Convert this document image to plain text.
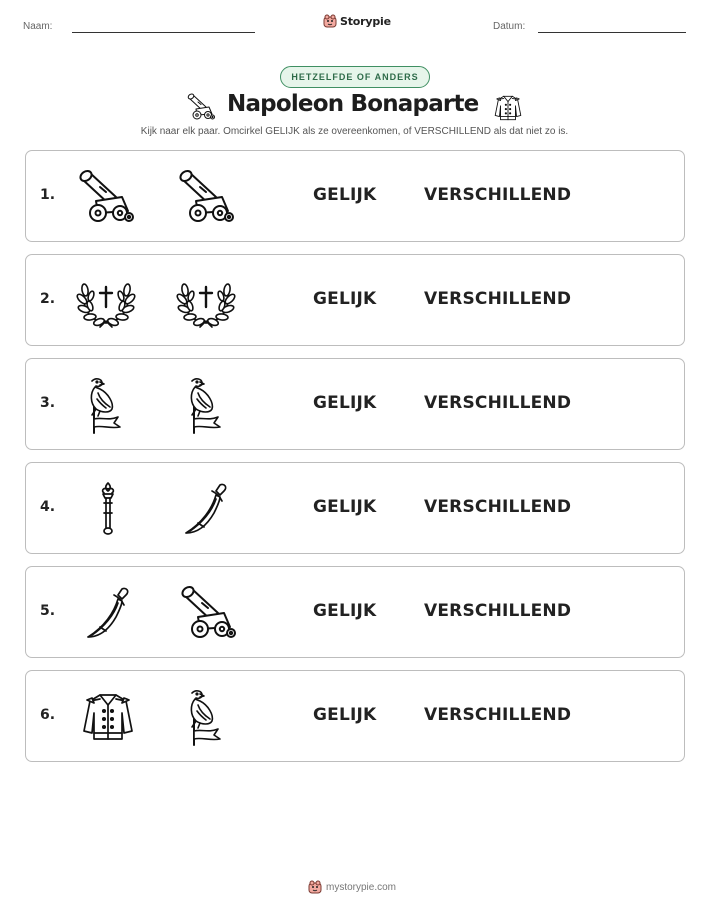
Naam:	Storypie	Datum:
HETZELFDE OF ANDERS
Napoleon Bonaparte
Kijk naar elk paar. Omcirkel GELIJK als ze overeenkomen, of VERSCHILLEND als dat niet zo is.
1.	GELIJK	VERSCHILLEND
2.	GELIJK	VERSCHILLEND
3.	GELIJK	VERSCHILLEND
4.	GELIJK	VERSCHILLEND
5.	GELIJK	VERSCHILLEND
6.	GELIJK	VERSCHILLEND
mystorypie.com
